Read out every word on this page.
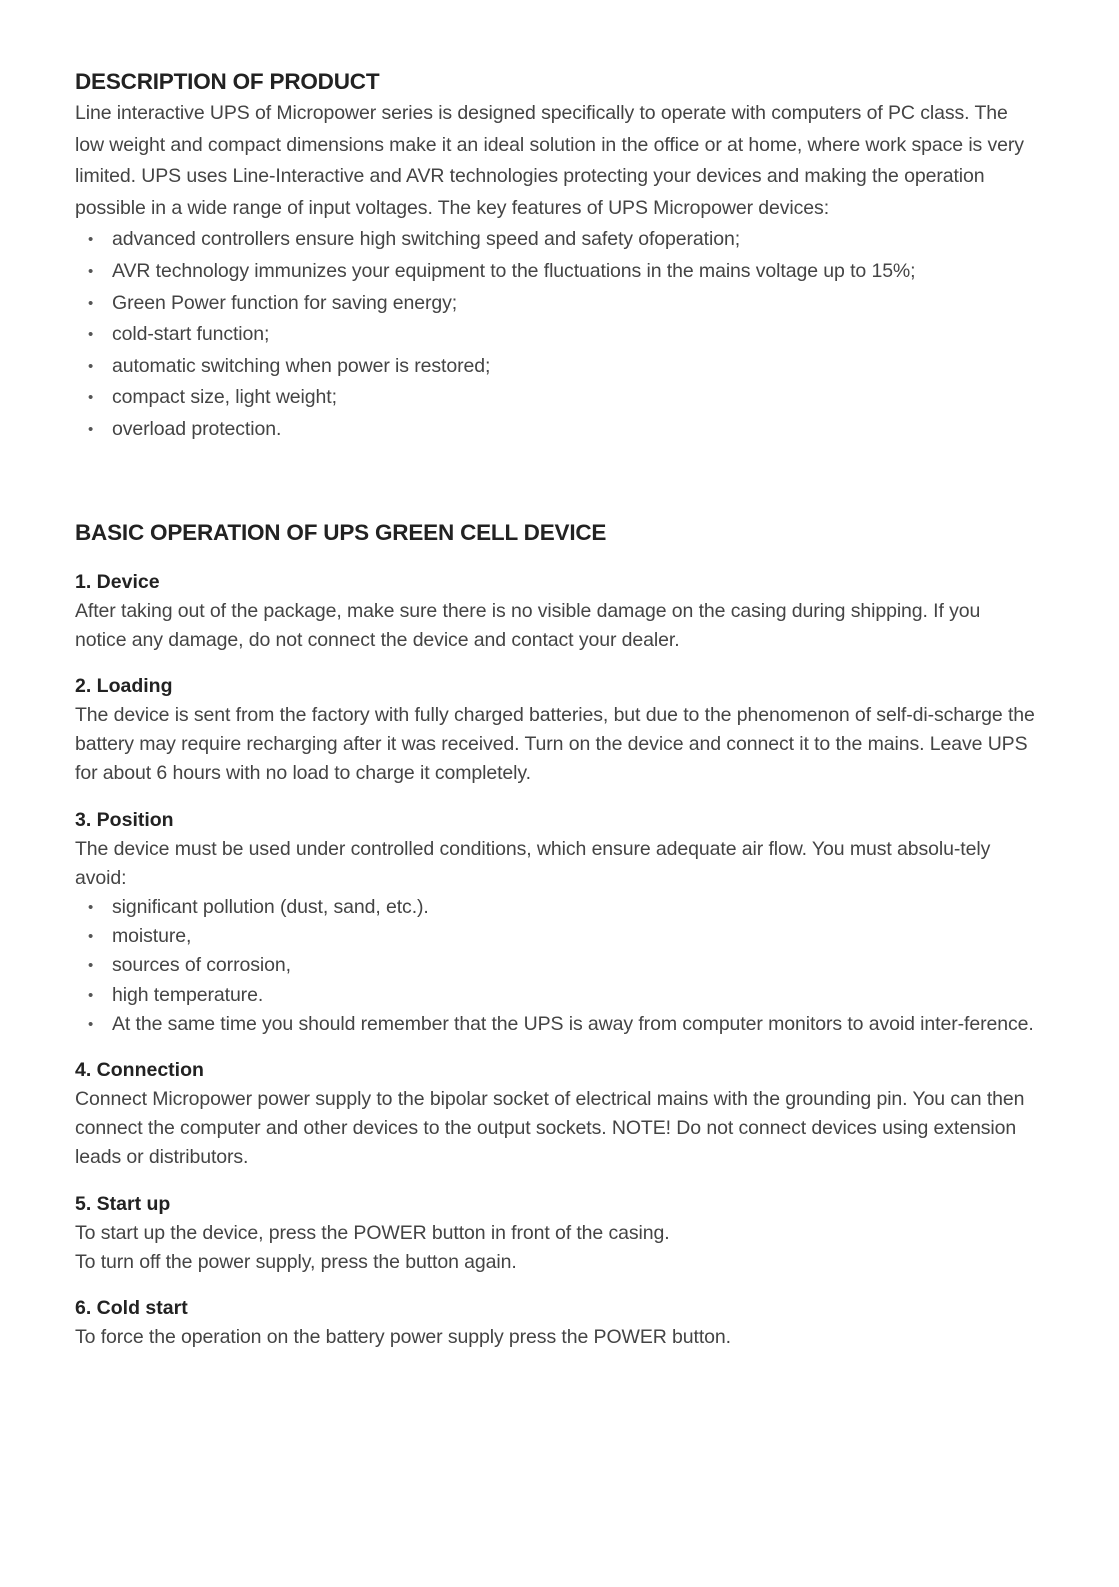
DESCRIPTION OF PRODUCT

Line interactive UPS of Micropower series is designed specifically to operate with computers of PC class. The low weight and compact dimensions make it an ideal solution in the office or at home, where work space is very limited. UPS uses Line-Interactive and AVR technologies protecting your devices and making the operation possible in a wide range of input voltages. The key features of UPS Micropower devices:

• advanced controllers ensure high switching speed and safety ofoperation;
• AVR technology immunizes your equipment to the fluctuations in the mains voltage up to 15%;
• Green Power function for saving energy;
• cold-start function;
• automatic switching when power is restored;
• compact size, light weight;
• overload protection.
BASIC OPERATION OF UPS GREEN CELL DEVICE
1. Device

After taking out of the package, make sure there is no visible damage on the casing during shipping. If you notice any damage, do not connect the device and contact your dealer.

2. Loading

The device is sent from the factory with fully charged batteries, but due to the phenomenon of self-di-scharge the battery may require recharging after it was received. Turn on the device and connect it to the mains. Leave UPS for about 6 hours with no load to charge it completely.

3. Position

The device must be used under controlled conditions, which ensure adequate air flow. You must absolu-tely avoid:

• significant pollution (dust, sand, etc.).
• moisture,
• sources of corrosion,
• high temperature.
• At the same time you should remember that the UPS is away from computer monitors to avoid inter-ference.
4. Connection

Connect Micropower power supply to the bipolar socket of electrical mains with the grounding pin. You can then connect the computer and other devices to the output sockets. NOTE! Do not connect devices using extension leads or distributors.

5. Start up

To start up the device, press the POWER button in front of the casing.

To turn off the power supply, press the button again.

6. Cold start

To force the operation on the battery power supply press the POWER button.
